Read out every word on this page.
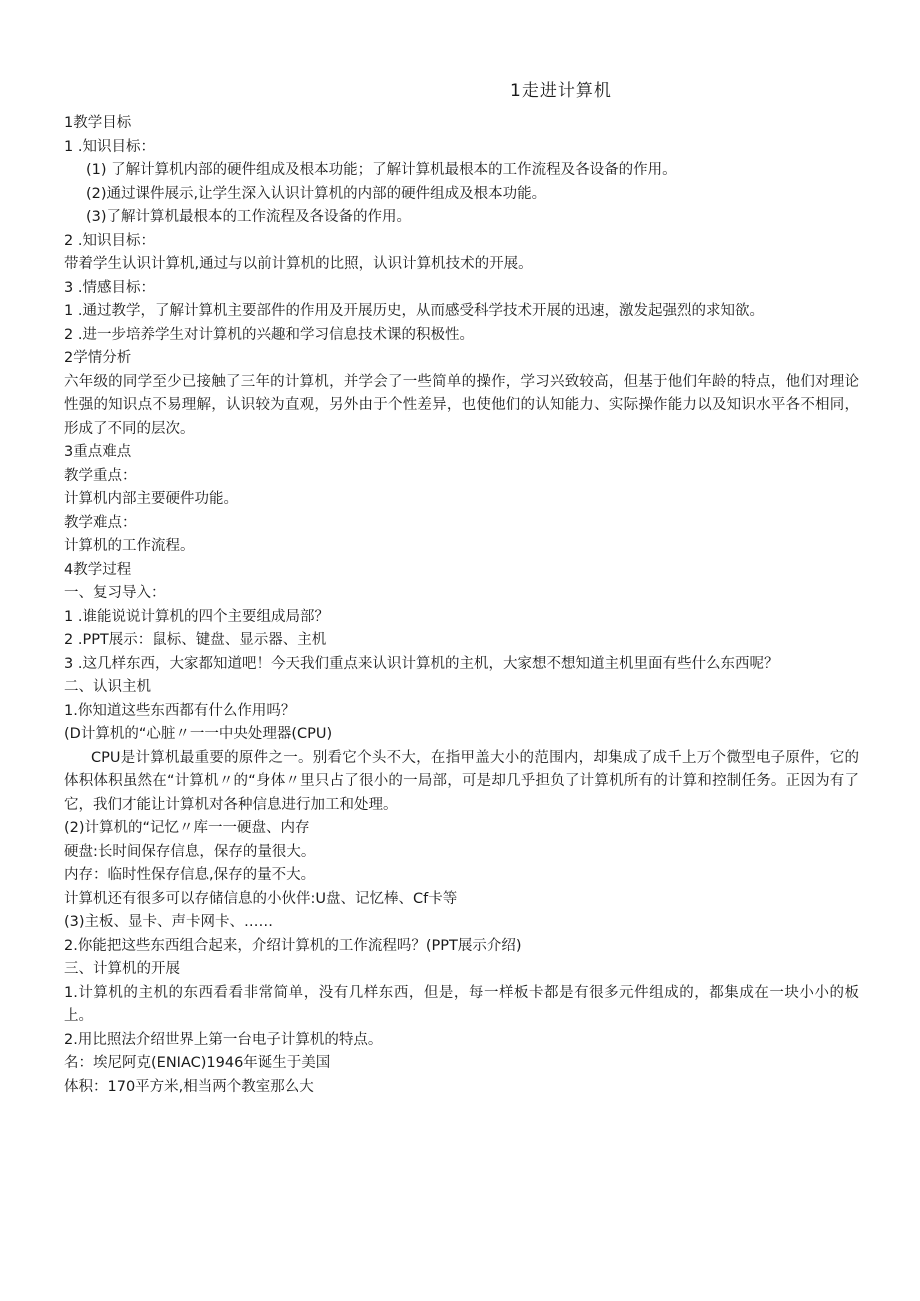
1走进计算机

1教学目标

1 .知识目标：

(1) 了解计算机内部的硬件组成及根本功能；了解计算机最根本的工作流程及各设备的作用。

(2)通过课件展示,让学生深入认识计算机的内部的硬件组成及根本功能。

(3)了解计算机最根本的工作流程及各设备的作用。

2 .知识目标：

带着学生认识计算机,通过与以前计算机的比照，认识计算机技术的开展。

3 .情感目标：

1 .通过教学，了解计算机主要部件的作用及开展历史，从而感受科学技术开展的迅速，激发起强烈的求知欲。

2 .进一步培养学生对计算机的兴趣和学习信息技术课的积极性。

2学情分析

六年级的同学至少已接触了三年的计算机，并学会了一些简单的操作，学习兴致较高，但基于他们年龄的特点，他们对理论性强的知识点不易理解，认识较为直观，另外由于个性差异，也使他们的认知能力、实际操作能力以及知识水平各不相同，形成了不同的层次。

3重点难点

教学重点：

计算机内部主要硬件功能。

教学难点：

计算机的工作流程。

4教学过程

一、复习导入：

1 .谁能说说计算机的四个主要组成局部？

2 .PPT展示：鼠标、键盘、显示器、主机

3 .这几样东西，大家都知道吧！今天我们重点来认识计算机的主机，大家想不想知道主机里面有些什么东西呢？

二、认识主机

1.你知道这些东西都有什么作用吗？

(D计算机的“心脏〃一一中央处理器(CPU)

CPU是计算机最重要的原件之一。别看它个头不大，在指甲盖大小的范围内，却集成了成千上万个微型电子原件，它的体积体积虽然在“计算机〃的“身体〃里只占了很小的一局部，可是却几乎担负了计算机所有的计算和控制任务。正因为有了它，我们才能让计算机对各种信息进行加工和处理。

(2)计算机的“记忆〃库一一硬盘、内存

硬盘:长时间保存信息，保存的量很大。

内存：临时性保存信息,保存的量不大。

计算机还有很多可以存储信息的小伙伴:U盘、记忆棒、Cf卡等

(3)主板、显卡、声卡网卡、……

2.你能把这些东西组合起来，介绍计算机的工作流程吗？(PPT展示介绍)

三、计算机的开展

1.计算机的主机的东西看看非常简单，没有几样东西，但是，每一样板卡都是有很多元件组成的，都集成在一块小小的板上。

2.用比照法介绍世界上第一台电子计算机的特点。

名：埃尼阿克(ENIAC)1946年诞生于美国

体积：170平方米,相当两个教室那么大
